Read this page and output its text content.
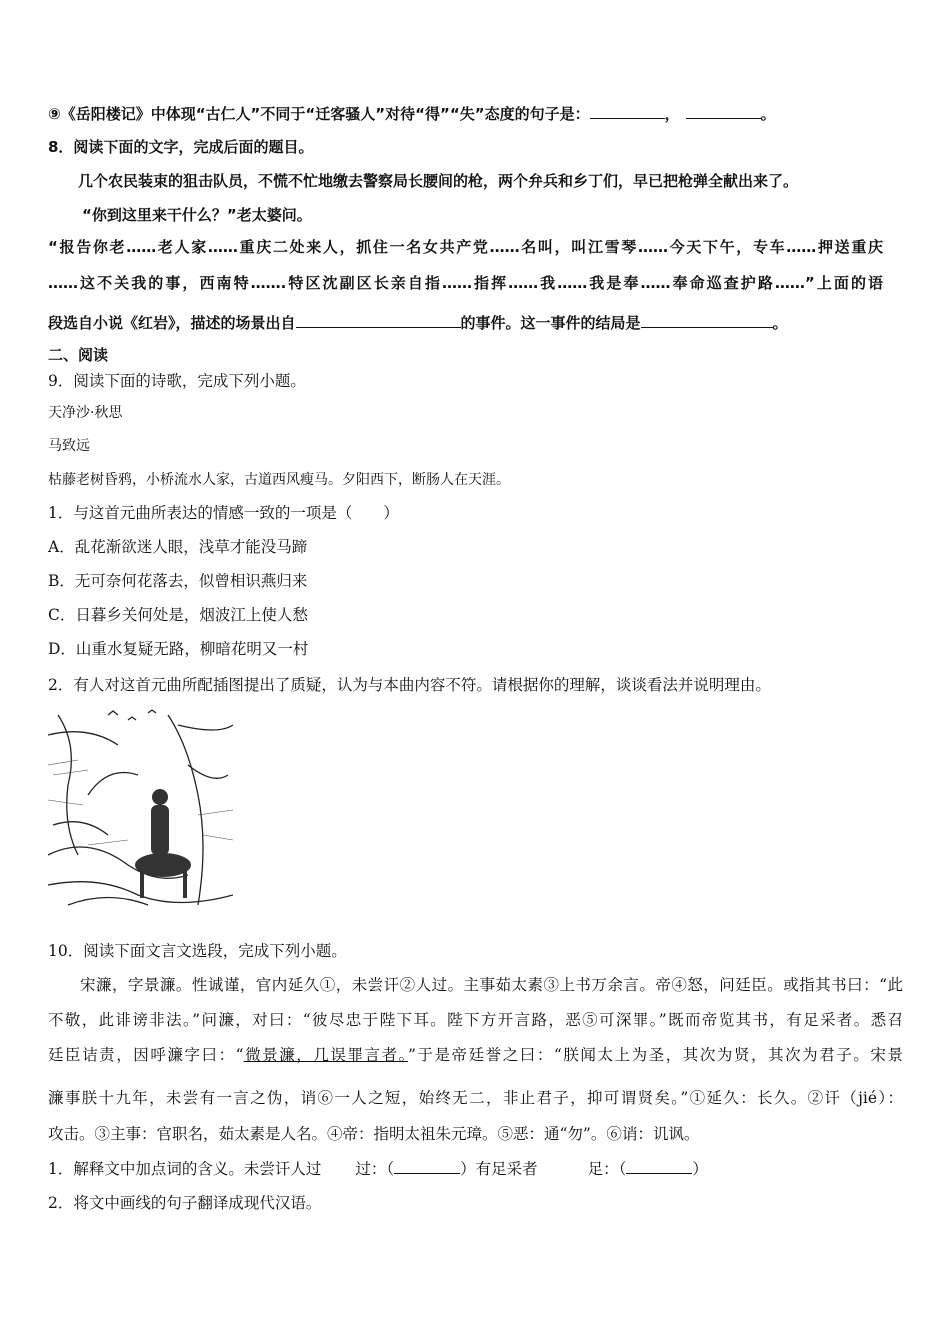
⑨《岳阳楼记》中体现“古仁人”不同于“迁客骚人”对待“得”“失”态度的句子是：	，	。
8．阅读下面的文字，完成后面的题目。
几个农民装束的狙击队员，不慌不忙地缴去警察局长腰间的枪，两个弁兵和乡丁们，早已把枪弹全献出来了。
“你到这里来干什么？”老太婆问。
“报告你老……老人家……重庆二处来人，抓住一名女共产党……名叫，叫江雪琴……今天下午，专车……押送重庆
……这不关我的事，西南特…….特区沈副区长亲自指……指挥……我……我是奉……奉命巡查护路……”上面的语
段选自小说《红岩》，描述的场景出自	的事件。这一事件的结局是	。
二、阅读
9．阅读下面的诗歌，完成下列小题。
天净沙·秋思
马致远
枯藤老树昏鸦，小桥流水人家，古道西风瘦马。夕阳西下，断肠人在天涯。
1．与这首元曲所表达的情感一致的一项是（　　）
A．乱花渐欲迷人眼，浅草才能没马蹄
B．无可奈何花落去，似曾相识燕归来
C．日暮乡关何处是，烟波江上使人愁
D．山重水复疑无路，柳暗花明又一村
2．有人对这首元曲所配插图提出了质疑，认为与本曲内容不符。请根据你的理解，谈谈看法并说明理由。
10．阅读下面文言文选段，完成下列小题。
宋濂，字景濂。性诚谨，官内延久①，未尝讦②人过。主事茹太素③上书万余言。帝④怒，问廷臣。或指其书曰：“此
不敬，此诽谤非法。”问濂，对曰：“彼尽忠于陛下耳。陛下方开言路，恶⑤可深罪。”既而帝览其书，有足采者。悉召
廷臣诘责，因呼濂字曰：“微景濂，几误罪言者。”于是帝廷誉之曰：“朕闻太上为圣，其次为贤，其次为君子。宋景
濂事朕十九年，未尝有一言之伪，诮⑥一人之短，始终无二，非止君子，抑可谓贤矣。”①延久：长久。②讦（jié）：
攻击。③主事：官职名，茹太素是人名。④帝：指明太祖朱元璋。⑤恶：通“勿”。⑥诮：讥讽。
1．解释文中加点词的含义。未尝讦人过 过：（	）有足采者	足：（	）
2．将文中画线的句子翻译成现代汉语。
